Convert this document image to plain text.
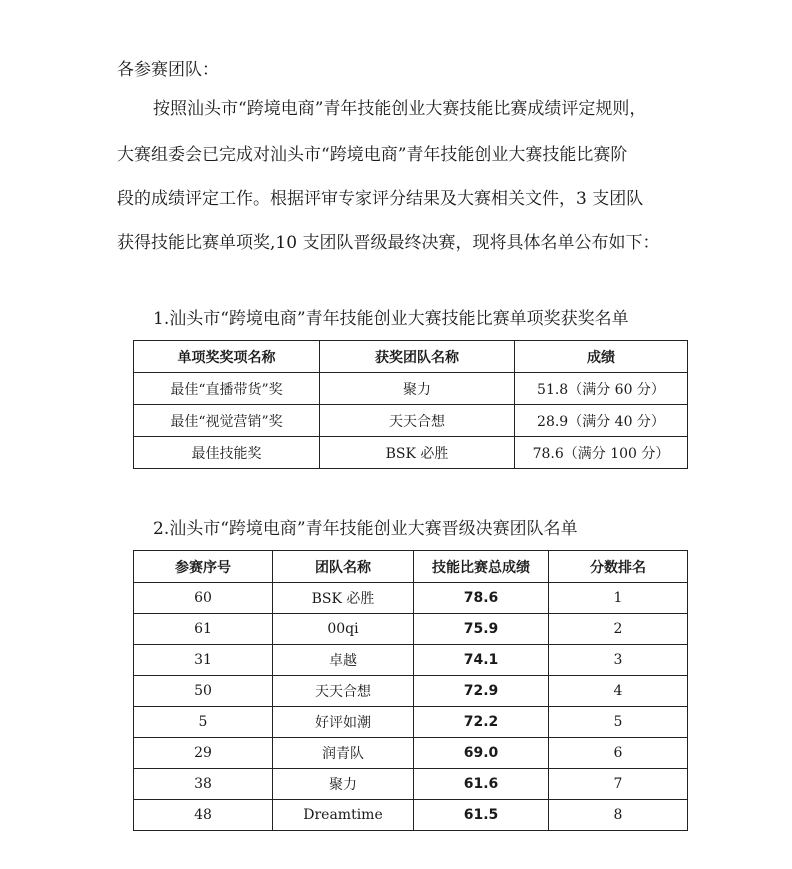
各参赛团队：
按照汕头市“跨境电商”青年技能创业大赛技能比赛成绩评定规则，
大赛组委会已完成对汕头市“跨境电商”青年技能创业大赛技能比赛阶
段的成绩评定工作。根据评审专家评分结果及大赛相关文件，3 支团队
获得技能比赛单项奖,10 支团队晋级最终决赛，现将具体名单公布如下：
1.汕头市“跨境电商”青年技能创业大赛技能比赛单项奖获奖名单
单项奖奖项名称	获奖团队名称	成绩
最佳“直播带货”奖	聚力	51.8（满分 60 分）
最佳“视觉营销”奖	天天合想	28.9（满分 40 分）
最佳技能奖	BSK 必胜	78.6（满分 100 分）
2.汕头市“跨境电商”青年技能创业大赛晋级决赛团队名单
参赛序号	团队名称	技能比赛总成绩	分数排名
60	BSK 必胜	78.6	1
61	00qi	75.9	2
31	卓越	74.1	3
50	天天合想	72.9	4
5	好评如潮	72.2	5
29	润青队	69.0	6
38	聚力	61.6	7
48	Dreamtime	61.5	8
